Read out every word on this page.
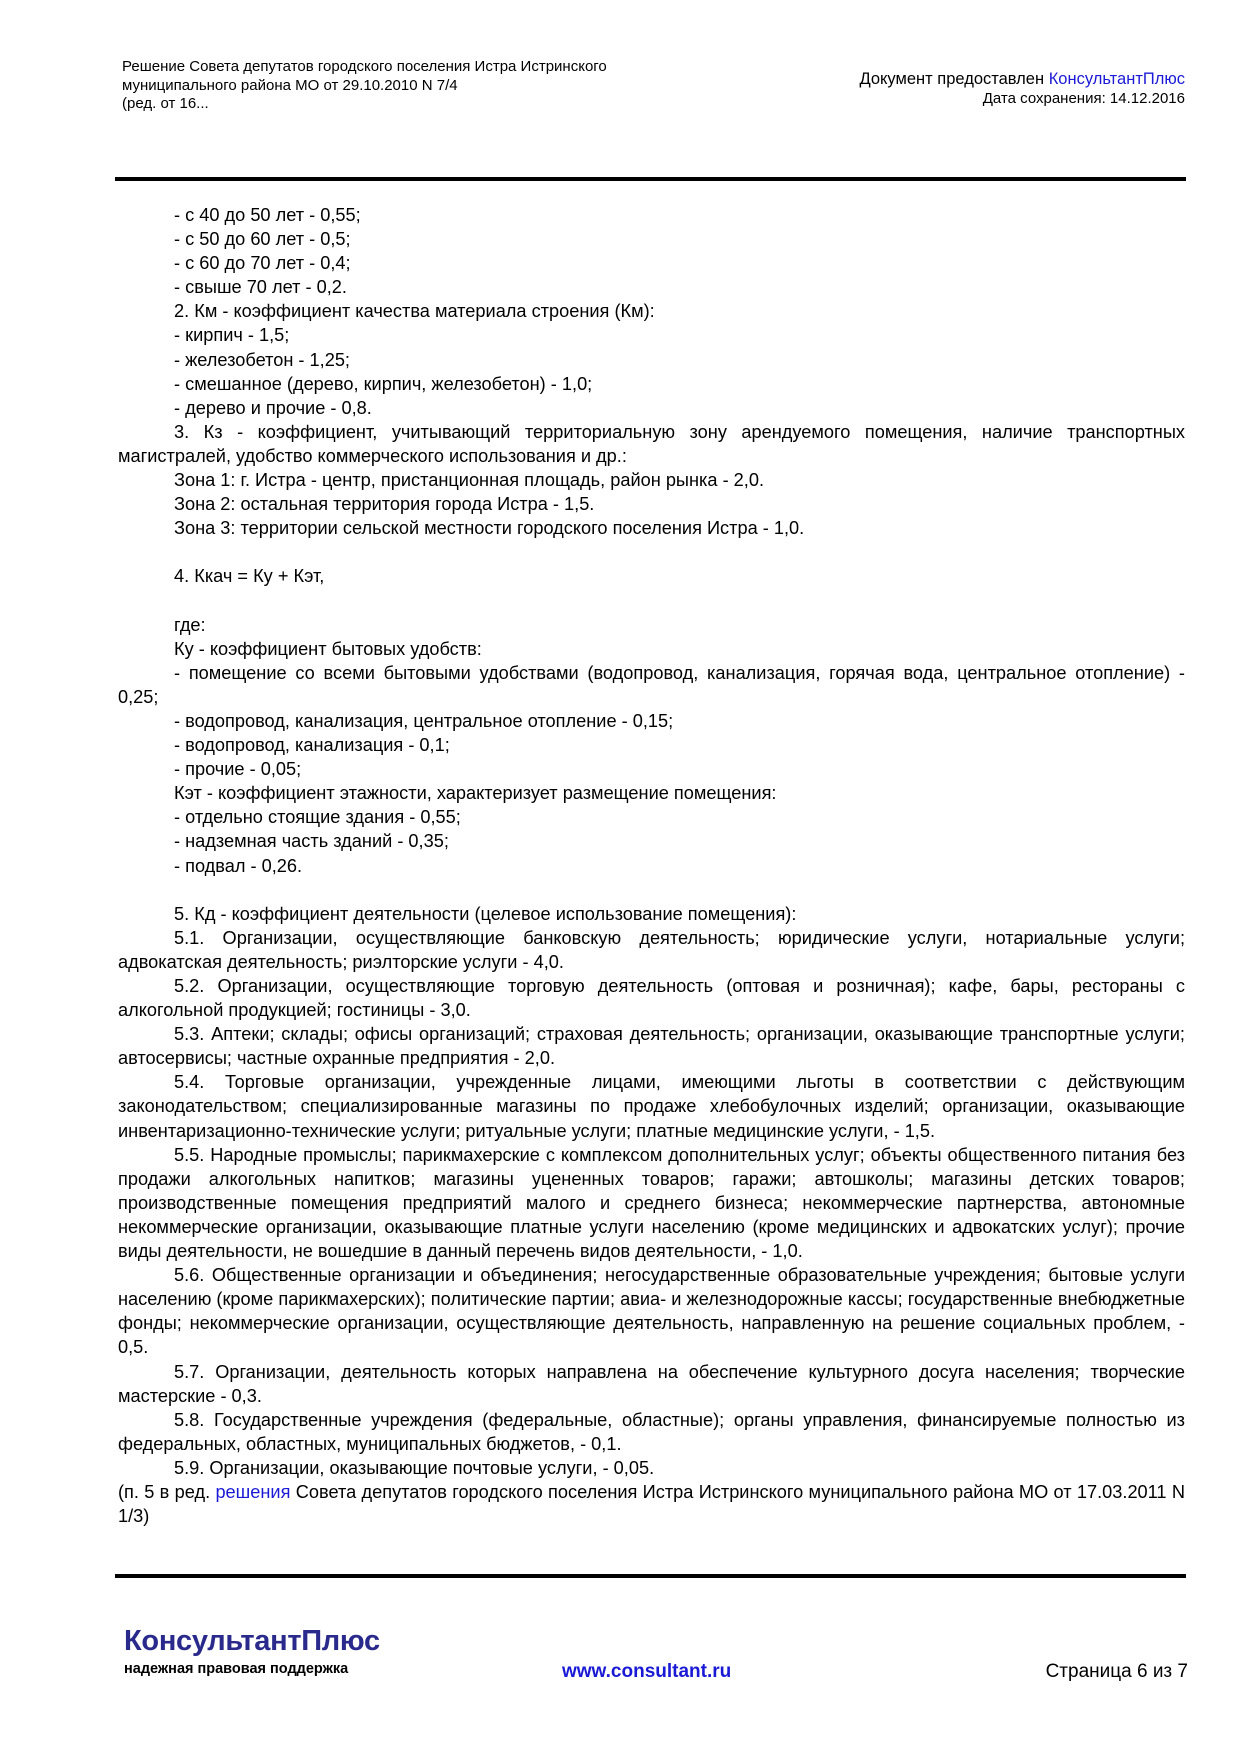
Решение Совета депутатов городского поселения Истра Истринского
муниципального района МО от 29.10.2010 N 7/4
(ред. от 16...
Документ предоставлен КонсультантПлюс
Дата сохранения: 14.12.2016

- с 40 до 50 лет - 0,55;

- с 50 до 60 лет - 0,5;

- с 60 до 70 лет - 0,4;

- свыше 70 лет - 0,2.

2. Км - коэффициент качества материала строения (Км):

- кирпич - 1,5;

- железобетон - 1,25;

- смешанное (дерево, кирпич, железобетон) - 1,0;

- дерево и прочие - 0,8.

3. Кз - коэффициент, учитывающий территориальную зону арендуемого помещения, наличие транспортных магистралей, удобство коммерческого использования и др.:

Зона 1: г. Истра - центр, пристанционная площадь, район рынка - 2,0.

Зона 2: остальная территория города Истра - 1,5.

Зона 3: территории сельской местности городского поселения Истра - 1,0.

4. Ккач = Ку + Кэт,

где:

Ку - коэффициент бытовых удобств:

- помещение со всеми бытовыми удобствами (водопровод, канализация, горячая вода, центральное отопление) - 0,25;

- водопровод, канализация, центральное отопление - 0,15;

- водопровод, канализация - 0,1;

- прочие - 0,05;

Кэт - коэффициент этажности, характеризует размещение помещения:

- отдельно стоящие здания - 0,55;

- надземная часть зданий - 0,35;

- подвал - 0,26.

5. Кд - коэффициент деятельности (целевое использование помещения):

5.1. Организации, осуществляющие банковскую деятельность; юридические услуги, нотариальные услуги; адвокатская деятельность; риэлторские услуги - 4,0.

5.2. Организации, осуществляющие торговую деятельность (оптовая и розничная); кафе, бары, рестораны с алкогольной продукцией; гостиницы - 3,0.

5.3. Аптеки; склады; офисы организаций; страховая деятельность; организации, оказывающие транспортные услуги; автосервисы; частные охранные предприятия - 2,0.

5.4. Торговые организации, учрежденные лицами, имеющими льготы в соответствии с действующим законодательством; специализированные магазины по продаже хлебобулочных изделий; организации, оказывающие инвентаризационно-технические услуги; ритуальные услуги; платные медицинские услуги, - 1,5.

5.5. Народные промыслы; парикмахерские с комплексом дополнительных услуг; объекты общественного питания без продажи алкогольных напитков; магазины уцененных товаров; гаражи; автошколы; магазины детских товаров; производственные помещения предприятий малого и среднего бизнеса; некоммерческие партнерства, автономные некоммерческие организации, оказывающие платные услуги населению (кроме медицинских и адвокатских услуг); прочие виды деятельности, не вошедшие в данный перечень видов деятельности, - 1,0.

5.6. Общественные организации и объединения; негосударственные образовательные учреждения; бытовые услуги населению (кроме парикмахерских); политические партии; авиа- и железнодорожные кассы; государственные внебюджетные фонды; некоммерческие организации, осуществляющие деятельность, направленную на решение социальных проблем, - 0,5.

5.7. Организации, деятельность которых направлена на обеспечение культурного досуга населения; творческие мастерские - 0,3.

5.8. Государственные учреждения (федеральные, областные); органы управления, финансируемые полностью из федеральных, областных, муниципальных бюджетов, - 0,1.

5.9. Организации, оказывающие почтовые услуги, - 0,05.

(п. 5 в ред. решения Совета депутатов городского поселения Истра Истринского муниципального района МО от 17.03.2011 N 1/3)

КонсультантПлюс
надежная правовая поддержка	www.consultant.ru	Страница 6 из 7
